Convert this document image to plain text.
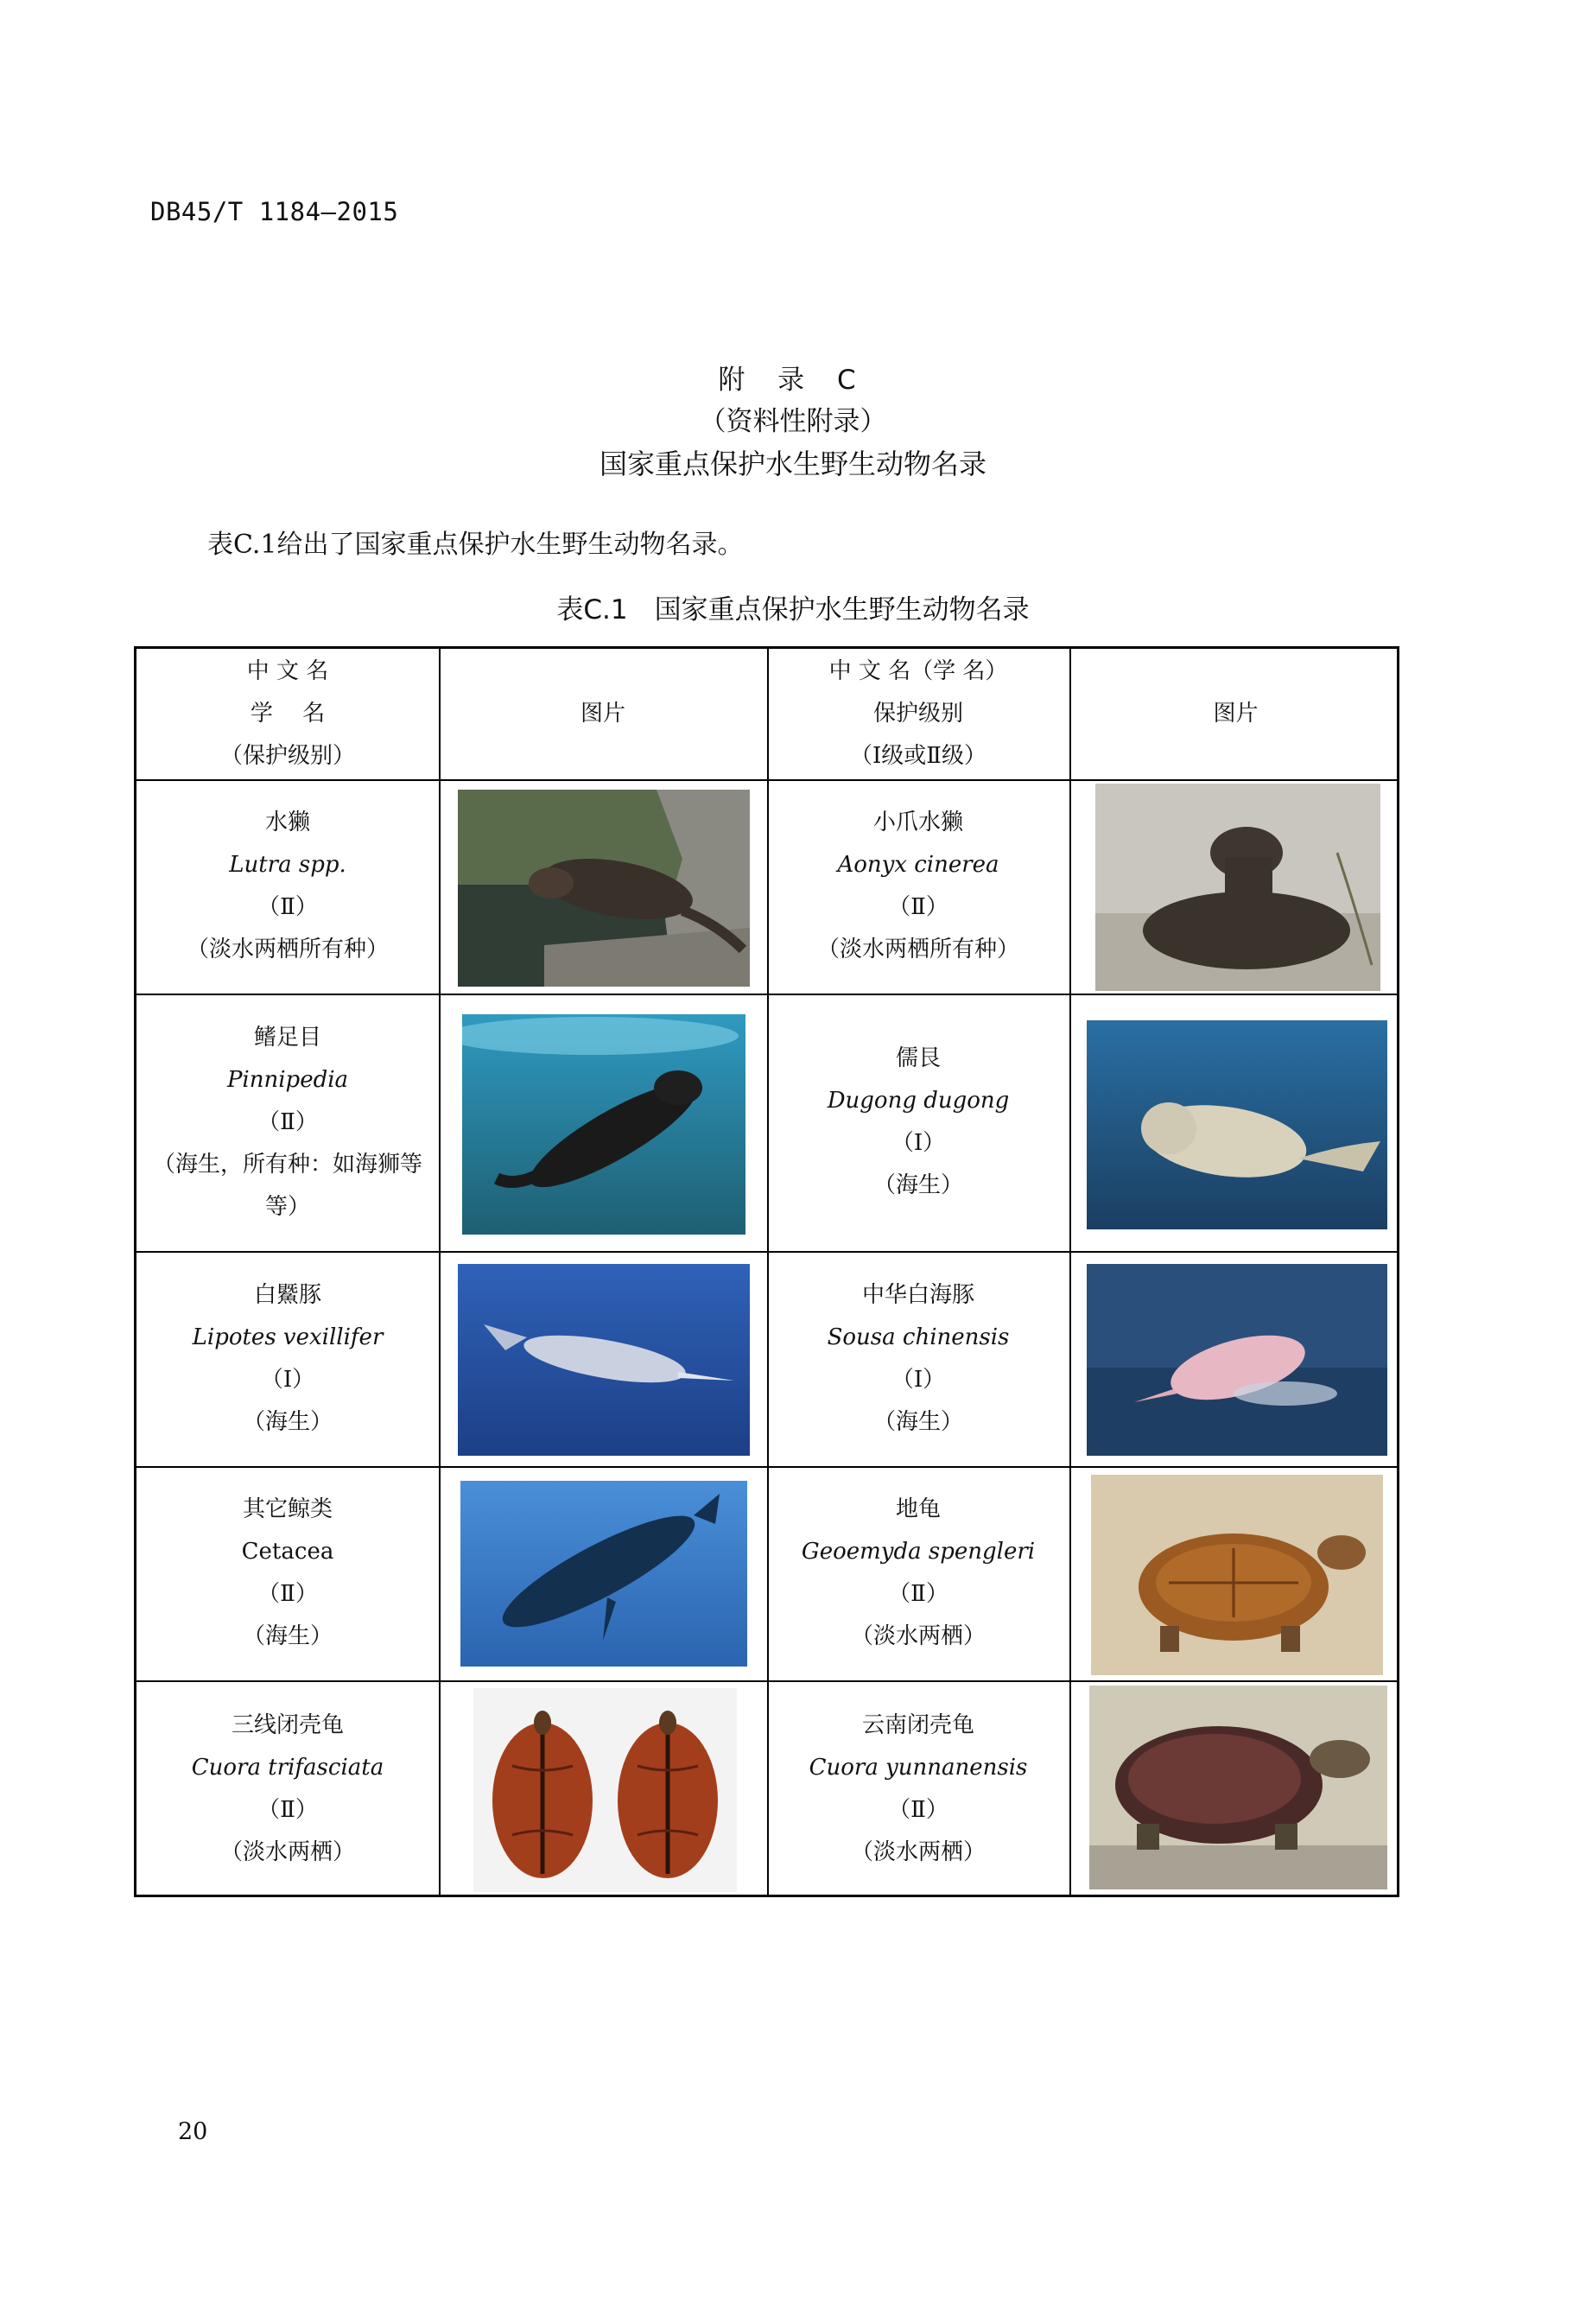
DB45/T 1184—2015
附 录 C
（资料性附录）
国家重点保护水生野生动物名录
表C.1给出了国家重点保护水生野生动物名录。
表C.1　国家重点保护水生野生动物名录
中 文 名
学　 名
（保护级别）
图片
中 文 名（学 名）
保护级别
（Ⅰ级或Ⅱ级）
图片
水獭
Lutra spp.
（Ⅱ）
（淡水两栖所有种）
小爪水獭
Aonyx cinerea
（Ⅱ）
（淡水两栖所有种）
鳍足目
Pinnipedia
（Ⅱ）
（海生，所有种：如海狮等
等）
儒艮
Dugong dugong
（Ⅰ）
（海生）
白鱀豚
Lipotes vexillifer
（Ⅰ）
（海生）
中华白海豚
Sousa chinensis
（Ⅰ）
（海生）
其它鲸类
Cetacea
（Ⅱ）
（海生）
地龟
Geoemyda spengleri
（Ⅱ）
（淡水两栖）
三线闭壳龟
Cuora trifasciata
（Ⅱ）
（淡水两栖）
云南闭壳龟
Cuora yunnanensis
（Ⅱ）
（淡水两栖）
20
